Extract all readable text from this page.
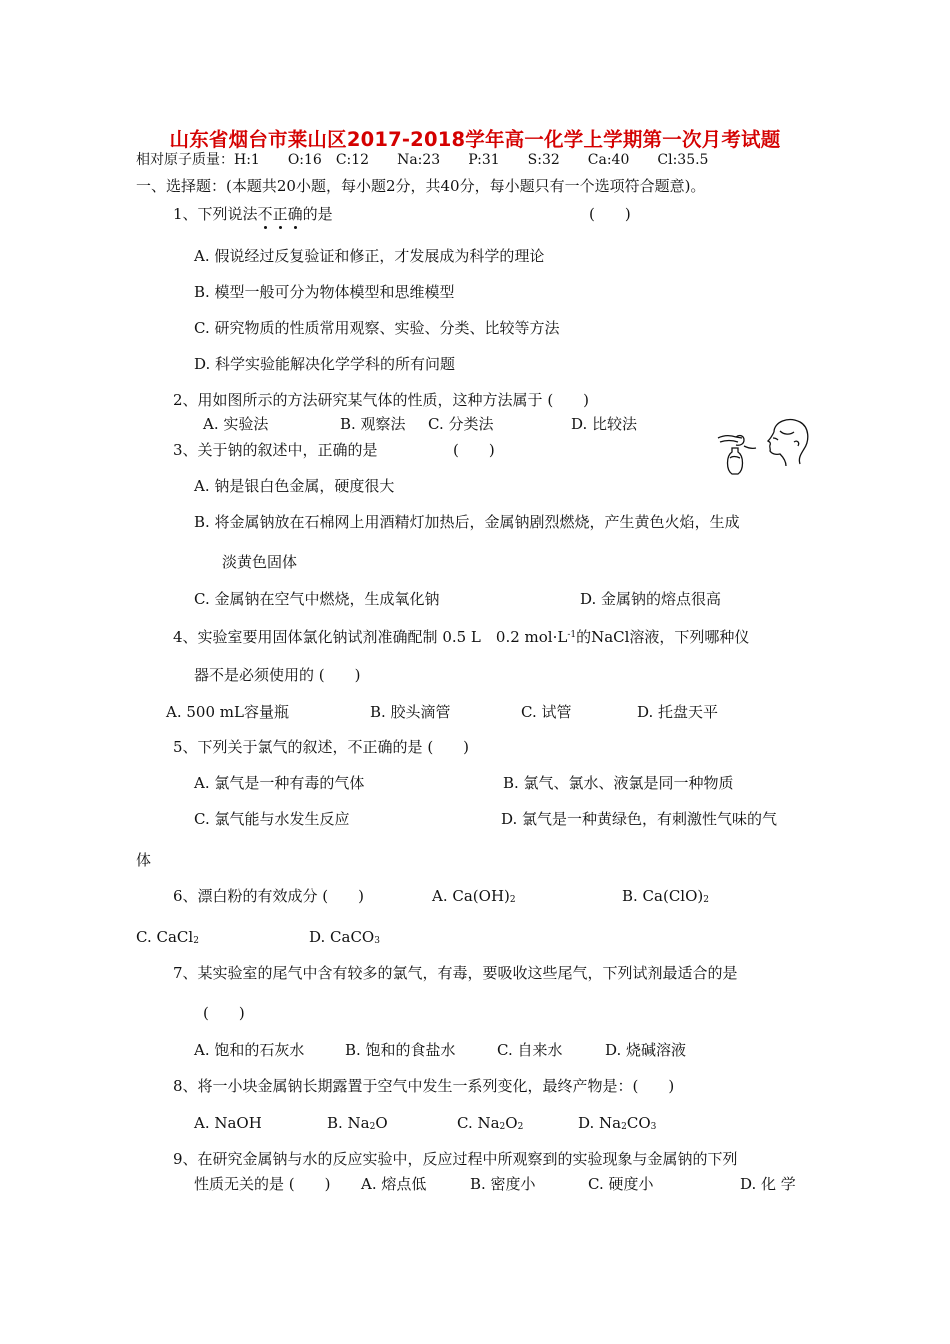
山东省烟台市莱山区2017-2018学年高一化学上学期第一次月考试题
相对原子质量：H:1　　O:16　C:12　　Na:23　　P:31　　S:32　　Ca:40　　Cl:35.5
一、选择题：(本题共20小题，每小题2分，共40分，每小题只有一个选项符合题意)。
1、下列说法不正确的是	(　　)
A. 假说经过反复验证和修正，才发展成为科学的理论
B. 模型一般可分为物体模型和思维模型
C. 研究物质的性质常用观察、实验、分类、比较等方法
D. 科学实验能解决化学学科的所有问题
2、用如图所示的方法研究某气体的性质，这种方法属于 (　　)
A. 实验法	B. 观察法 C. 分类法	D. 比较法
3、关于钠的叙述中，正确的是	(　　)
A. 钠是银白色金属，硬度很大
B. 将金属钠放在石棉网上用酒精灯加热后，金属钠剧烈燃烧，产生黄色火焰，生成
淡黄色固体
C. 金属钠在空气中燃烧，生成氧化钠	D. 金属钠的熔点很高
4、实验室要用固体氯化钠试剂准确配制 0.5 L　0.2 $mol\cdot L^{-1}$的NaCl溶液，下列哪种仪
器不是必须使用的 (　　)
A. 500 mL容量瓶	B. 胶头滴管	C. 试管	D. 托盘天平
5、下列关于氯气的叙述，不正确的是 (　　)
A. 氯气是一种有毒的气体	B. 氯气、氯水、液氯是同一种物质
C. 氯气能与水发生反应	D. 氯气是一种黄绿色，有刺激性气味的气
体
6、漂白粉的有效成分 (　　)	A. $Ca(OH)_2$	B. $Ca(ClO)_2$
C. CaCl$_2$	D. CaCO$_3$
7、某实验室的尾气中含有较多的氯气，有毒，要吸收这些尾气，下列试剂最适合的是
(　　)
A. 饱和的石灰水	B. 饱和的食盐水	C. 自来水	D. 烧碱溶液
8、将一小块金属钠长期露置于空气中发生一系列变化，最终产物是：(　　)
A. NaOH	B. $Na_2O$	C. $Na_2O_2$	D. $Na_2CO_3$
9、在研究金属钠与水的反应实验中，反应过程中所观察到的实验现象与金属钠的下列
性质无关的是 (　　) A. 熔点低	B. 密度小	C. 硬度小	D. 化 学
